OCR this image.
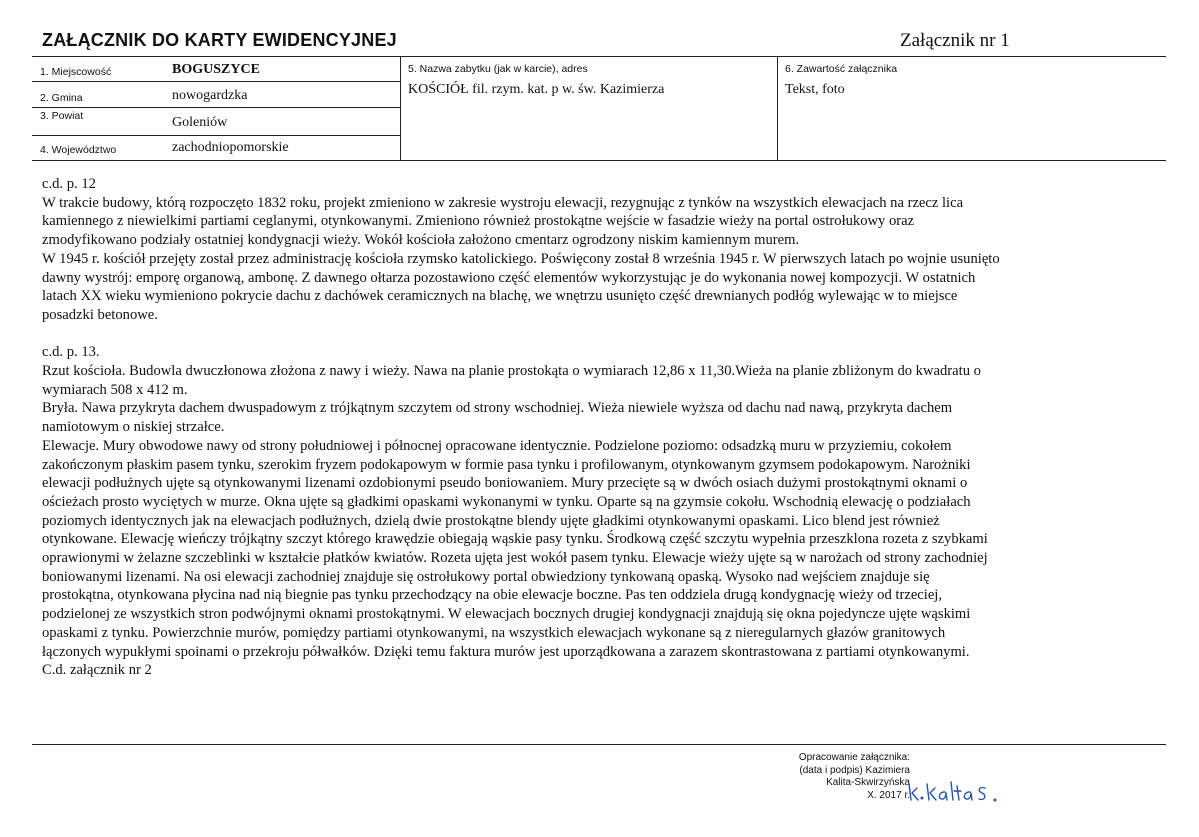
ZAŁĄCZNIK DO KARTY EWIDENCYJNEJ	Załącznik nr 1
1. Miejscowość	BOGUSZYCE
2. Gmina	nowogardzka
3. Powiat	Goleniów
4. Województwo	zachodniopomorskie
5. Nazwa zabytku (jak w karcie), adres
KOŚCIÓŁ fil. rzym. kat. p w. św. Kazimierza
6. Zawartość załącznika
Tekst, foto
c.d. p. 12
W trakcie budowy, którą rozpoczęto 1832 roku, projekt zmieniono w zakresie wystroju elewacji, rezygnując z tynków na wszystkich elewacjach na rzecz lica
kamiennego z niewielkimi partiami ceglanymi, otynkowanymi. Zmieniono również prostokątne wejście w fasadzie wieży na portal ostrołukowy oraz
zmodyfikowano podziały ostatniej kondygnacji wieży. Wokół kościoła założono cmentarz ogrodzony niskim kamiennym murem.
W 1945 r. kościół przejęty został przez administrację kościoła rzymsko katolickiego. Poświęcony został 8 września 1945 r. W pierwszych latach po wojnie usunięto
dawny wystrój: emporę organową, ambonę. Z dawnego ołtarza pozostawiono część elementów wykorzystując je do wykonania nowej kompozycji. W ostatnich
latach XX wieku wymieniono pokrycie dachu z dachówek ceramicznych na blachę, we wnętrzu usunięto część drewnianych podłóg wylewając w to miejsce
posadzki betonowe.
c.d. p. 13.
Rzut kościoła. Budowla dwuczłonowa złożona z nawy i wieży. Nawa na planie prostokąta o wymiarach 12,86 x 11,30.Wieża na planie zbliżonym do kwadratu o
wymiarach 508 x 412 m.
Bryła. Nawa przykryta dachem dwuspadowym z trójkątnym szczytem od strony wschodniej. Wieża niewiele wyższa od dachu nad nawą, przykryta dachem
namiotowym o niskiej strzałce.
Elewacje. Mury obwodowe nawy od strony południowej i północnej opracowane identycznie. Podzielone poziomo: odsadzką muru w przyziemiu, cokołem
zakończonym płaskim pasem tynku, szerokim fryzem podokapowym w formie pasa tynku i profilowanym, otynkowanym gzymsem podokapowym. Narożniki
elewacji podłużnych ujęte są otynkowanymi lizenami ozdobionymi pseudo boniowaniem. Mury przecięte są w dwóch osiach dużymi prostokątnymi oknami o
ościeżach prosto wyciętych w murze. Okna ujęte są gładkimi opaskami wykonanymi w tynku. Oparte są na gzymsie cokołu. Wschodnią elewację o podziałach
poziomych identycznych jak na elewacjach podłużnych, dzielą dwie prostokątne blendy ujęte gładkimi otynkowanymi opaskami. Lico blend jest również
otynkowane. Elewację wieńczy trójkątny szczyt którego krawędzie obiegają wąskie pasy tynku. Środkową część szczytu wypełnia przeszklona rozeta z szybkami
oprawionymi w żelazne szczeblinki w kształcie płatków kwiatów. Rozeta ujęta jest wokół pasem tynku. Elewacje wieży ujęte są w narożach od strony zachodniej
boniowanymi lizenami. Na osi elewacji zachodniej znajduje się ostrołukowy portal obwiedziony tynkowaną opaską. Wysoko nad wejściem znajduje się
prostokątna, otynkowana płycina nad nią biegnie pas tynku przechodzący na obie elewacje boczne. Pas ten oddziela drugą kondygnację wieży od trzeciej,
podzielonej ze wszystkich stron podwójnymi oknami prostokątnymi. W elewacjach bocznych drugiej kondygnacji znajdują się okna pojedyncze ujęte wąskimi
opaskami z tynku. Powierzchnie murów, pomiędzy partiami otynkowanymi, na wszystkich elewacjach wykonane są z nieregularnych głazów granitowych
łączonych wypukłymi spoinami o przekroju półwałków. Dzięki temu faktura murów jest uporządkowana a zarazem skontrastowana z partiami otynkowanymi.
C.d. załącznik nr 2
Opracowanie załącznika:
(data i podpis) Kazimiera
Kalita-Skwirzyńska
X. 2017 r.
